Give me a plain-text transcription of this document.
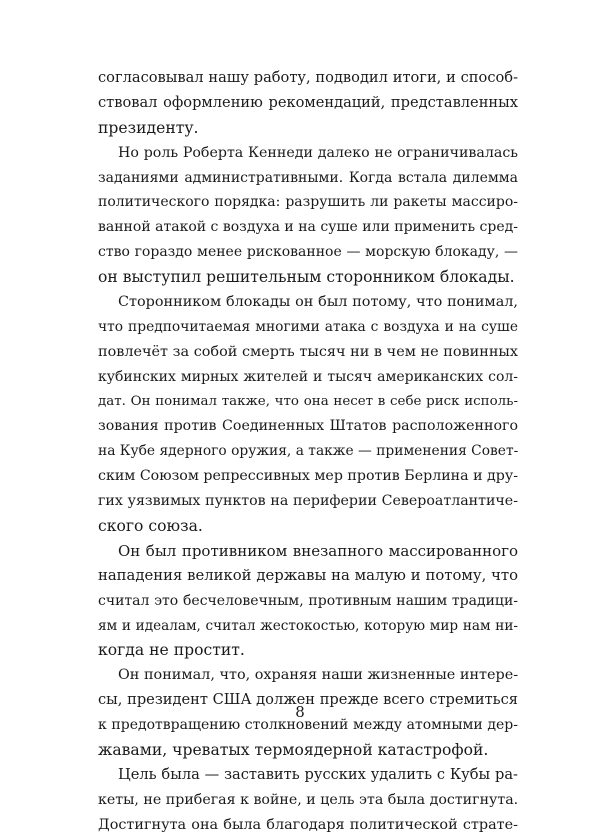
согласовывал нашу работу, подводил итоги, и способ-
ствовал оформлению рекомендаций, представленных
президенту.
Но роль Роберта Кеннеди далеко не ограничивалась
заданиями административными. Когда встала дилемма
политического порядка: разрушить ли ракеты массиро-
ванной атакой с воздуха и на суше или применить сред-
ство гораздо менее рискованное — морскую блокаду, —
он выступил решительным сторонником блокады.
Сторонником блокады он был потому, что понимал,
что предпочитаемая многими атака с воздуха и на суше
повлечёт за собой смерть тысяч ни в чем не повинных
кубинских мирных жителей и тысяч американских сол-
дат. Он понимал также, что она несет в себе риск исполь-
зования против Соединенных Штатов расположенного
на Кубе ядерного оружия, а также — применения Совет-
ским Союзом репрессивных мер против Берлина и дру-
гих уязвимых пунктов на периферии Североатлантиче-
ского союза.
Он был противником внезапного массированного
нападения великой державы на малую и потому, что
считал это бесчеловечным, противным нашим традици-
ям и идеалам, считал жестокостью, которую мир нам ни-
когда не простит.
Он понимал, что, охраняя наши жизненные интере-
сы, президент США должен прежде всего стремиться
к предотвращению столкновений между атомными дер-
жавами, чреватых термоядерной катастрофой.
Цель была — заставить русских удалить с Кубы ра-
кеты, не прибегая к войне, и цель эта была достигнута.
Достигнута она была благодаря политической страте-
8
